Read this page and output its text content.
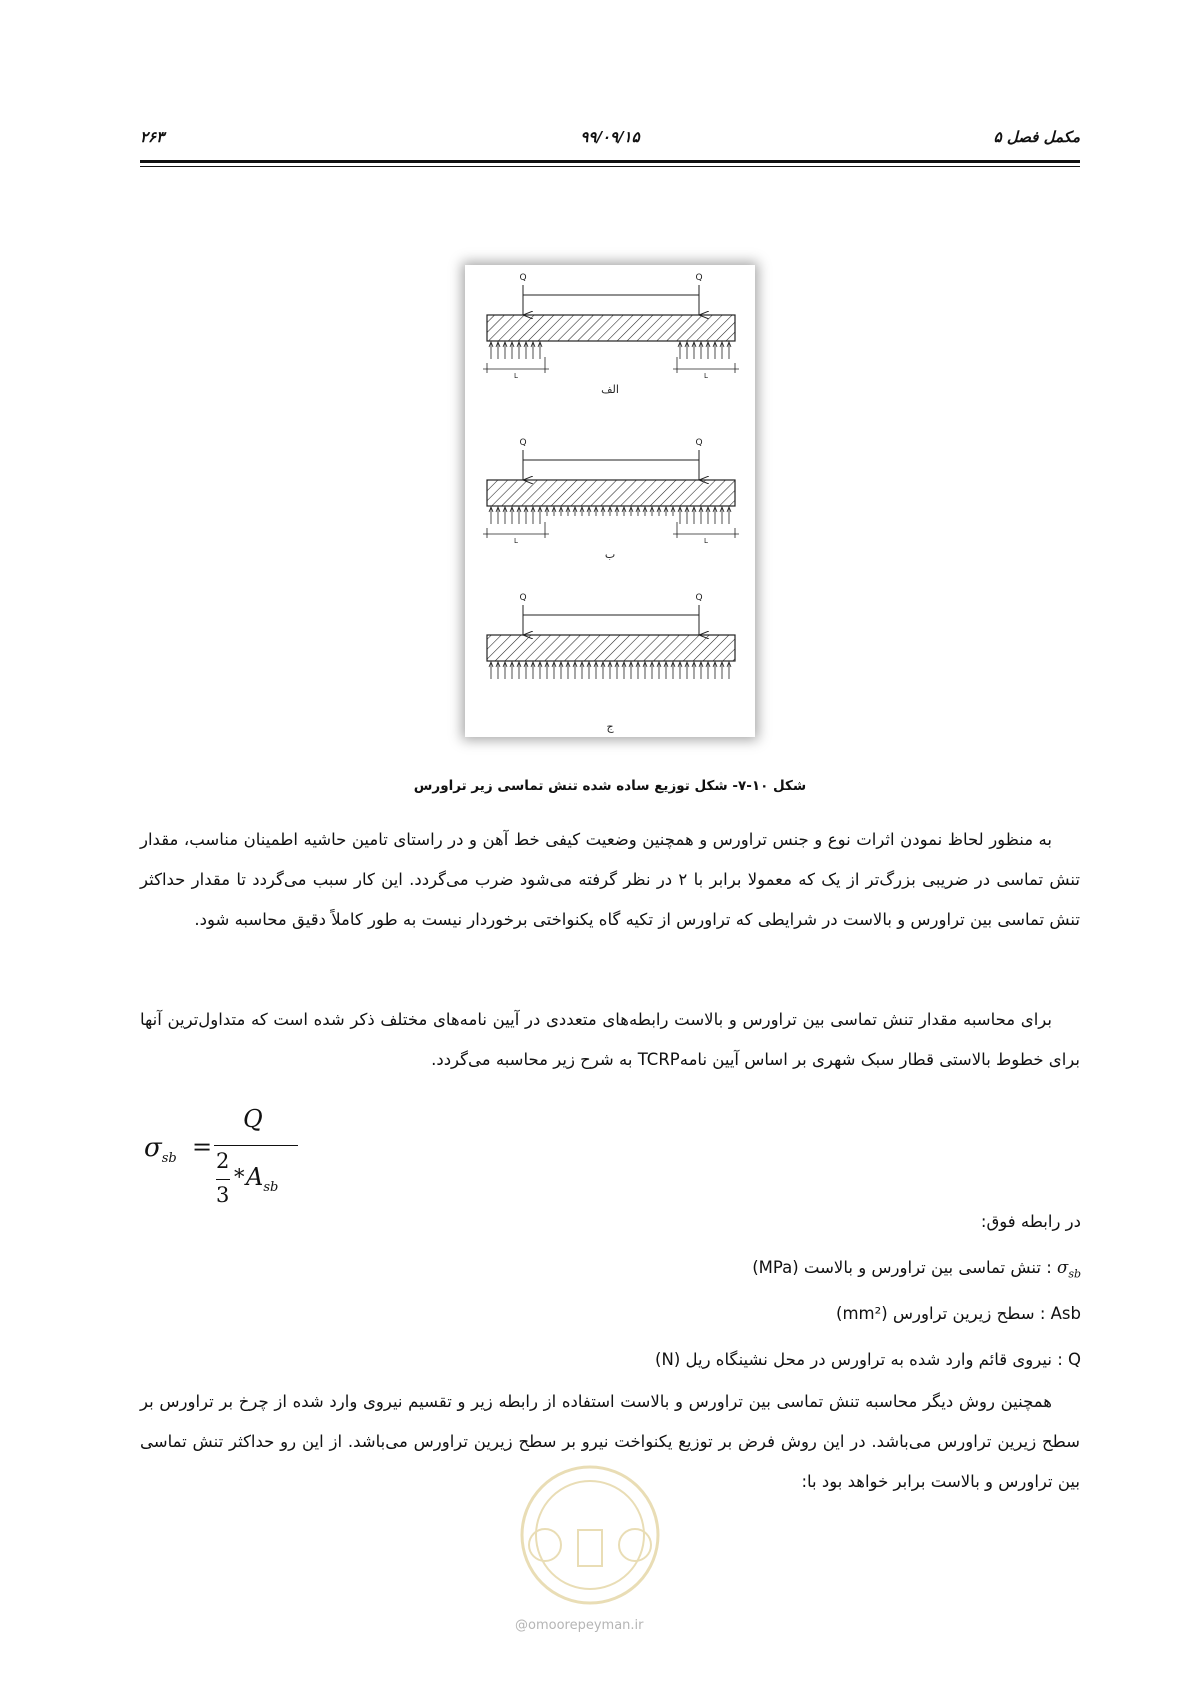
مکمل فصل ۵
۹۹/۰۹/۱۵
۲۶۳
Q	Q
L	L
الف
Q	Q
L	L
ب
Q	Q
ج
شکل ۱۰-۷- شکل توزیع ساده شده تنش تماسی زیر تراورس

به منظور لحاظ نمودن اثرات نوع و جنس تراورس و همچنین وضعیت کیفی خط آهن و در راستای تامین حاشیه اطمینان مناسب، مقدار تنش تماسی در ضریبی بزرگ‌تر از یک که معمولا برابر با ۲ در نظر گرفته می‌شود ضرب می‌گردد. این کار سبب می‌گردد تا مقدار حداکثر تنش تماسی بین تراورس و بالاست در شرایطی که تراورس از تکیه گاه یکنواختی برخوردار نیست به طور کاملاً دقیق محاسبه شود.

برای محاسبه مقدار تنش تماسی بین تراورس و بالاست رابطه‌های متعددی در آیین نامه‌های مختلف ذکر شده است که متداول‌ترین آنها برای خطوط بالاستی قطار سبک شهری بر اساس آیین نامهTCRP به شرح زیر محاسبه می‌گردد.

$\sigma_{sb}$ =
Q
2
3
* $A_{sb}$
در رابطه فوق:
$\sigma_{sb}$ : تنش تماسی بین تراورس و بالاست (MPa)
Asb : سطح زیرین تراورس (mm²)
Q : نیروی قائم وارد شده به تراورس در محل نشینگاه ریل (N)

همچنین روش دیگر محاسبه تنش تماسی بین تراورس و بالاست استفاده از رابطه زیر و تقسیم نیروی وارد شده از چرخ بر تراورس بر سطح زیرین تراورس می‌باشد. در این روش فرض بر توزیع یکنواخت نیرو بر سطح زیرین تراورس می‌باشد. از این رو حداکثر تنش تماسی بین تراورس و بالاست برابر خواهد بود با:

@omoorepeyman.ir
